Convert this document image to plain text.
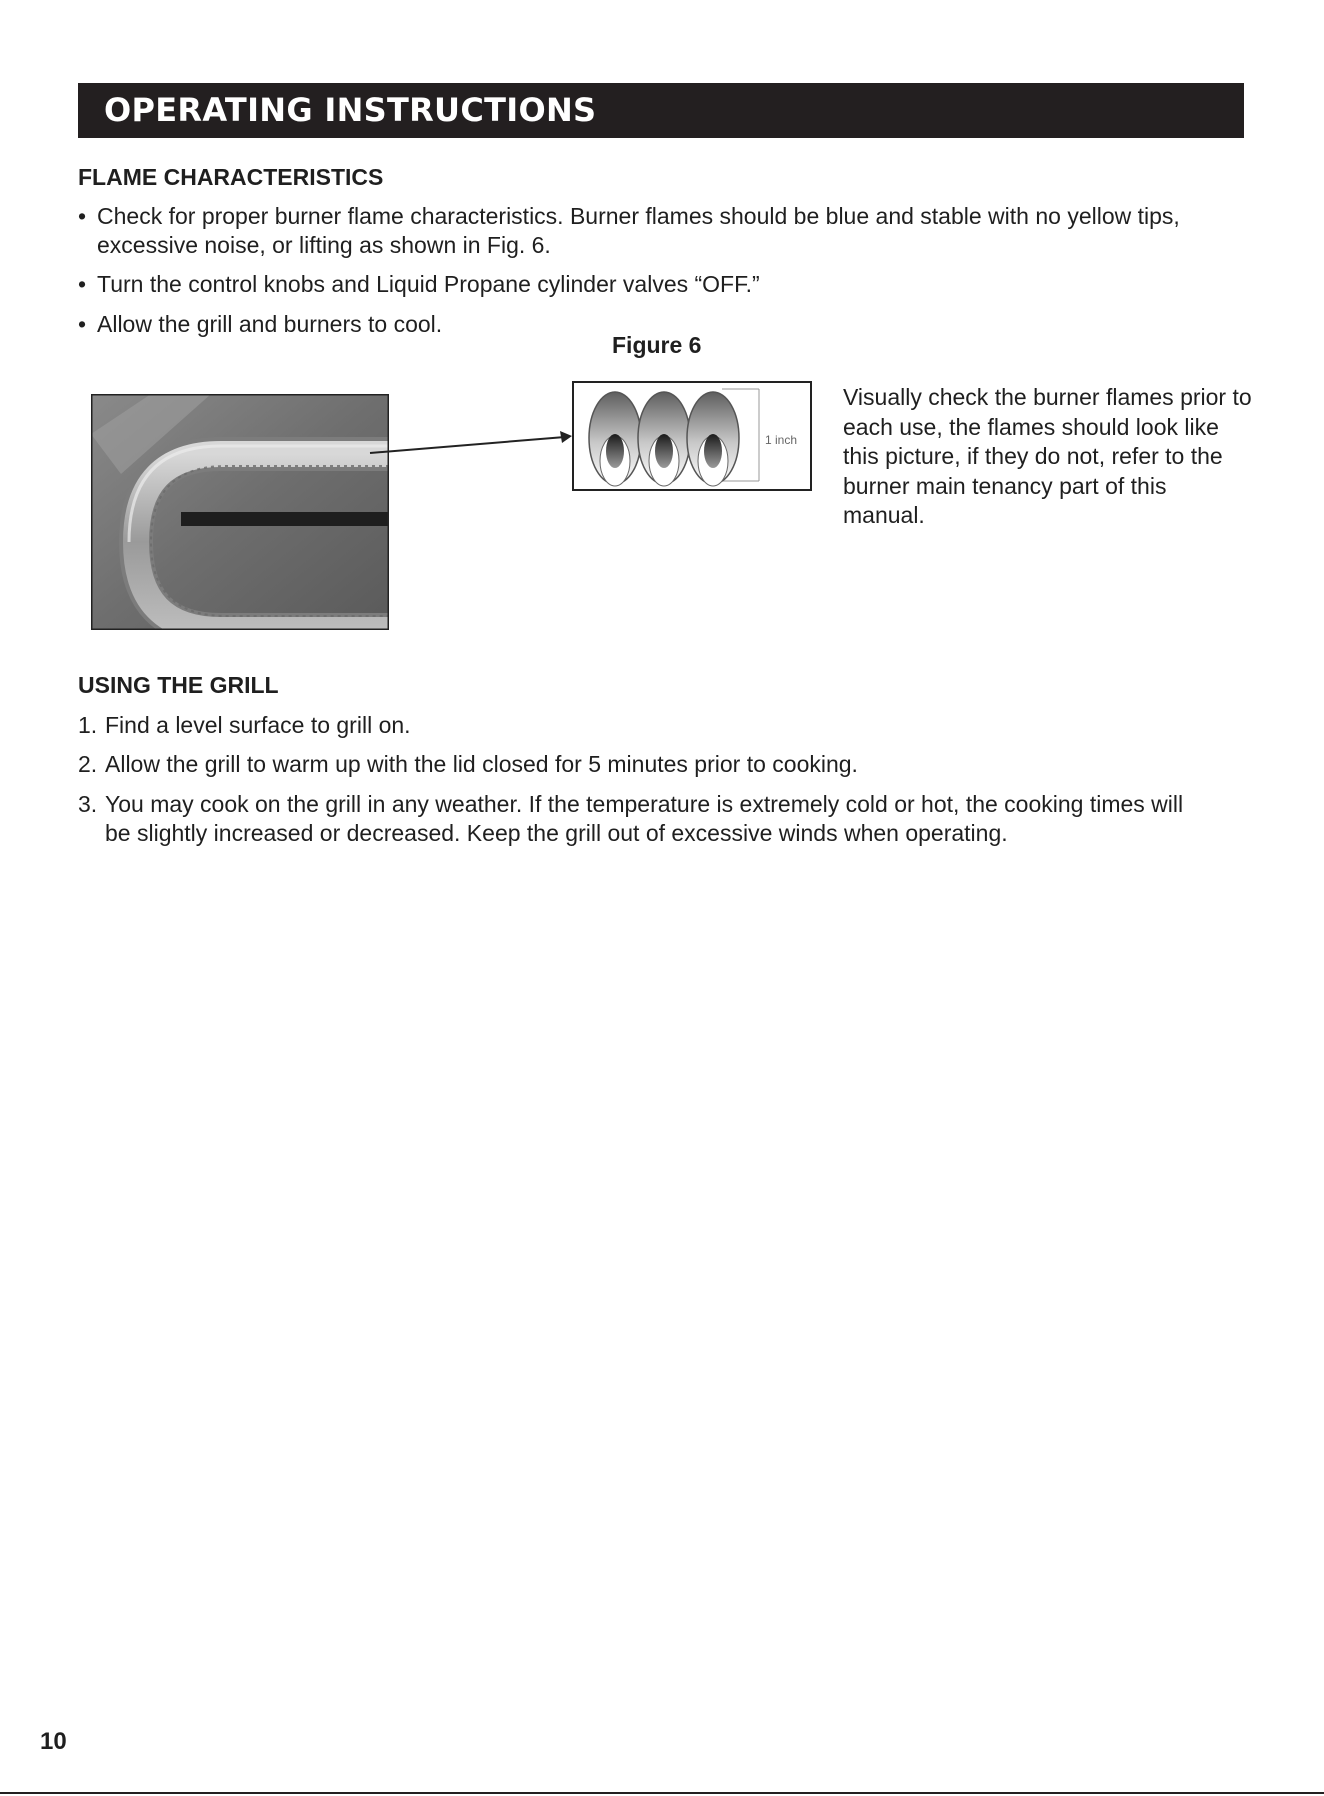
OPERATING INSTRUCTIONS
FLAME CHARACTERISTICS
• Check for proper burner flame characteristics. Burner flames should be blue and stable with no yellow tips,
excessive noise, or lifting as shown in Fig. 6.
• Turn the control knobs and Liquid Propane cylinder valves “OFF.”
• Allow the grill and burners to cool.
Figure 6
1 inch
Visually check the burner flames prior to each use, the flames should look like this picture, if they do not, refer to the burner main tenancy part of this manual.
USING THE GRILL
1. Find a level surface to grill on.
2. Allow the grill to warm up with the lid closed for 5 minutes prior to cooking.
3. You may cook on the grill in any weather. If the temperature is extremely cold or hot, the cooking times will
be slightly increased or decreased. Keep the grill out of excessive winds when operating.
10
